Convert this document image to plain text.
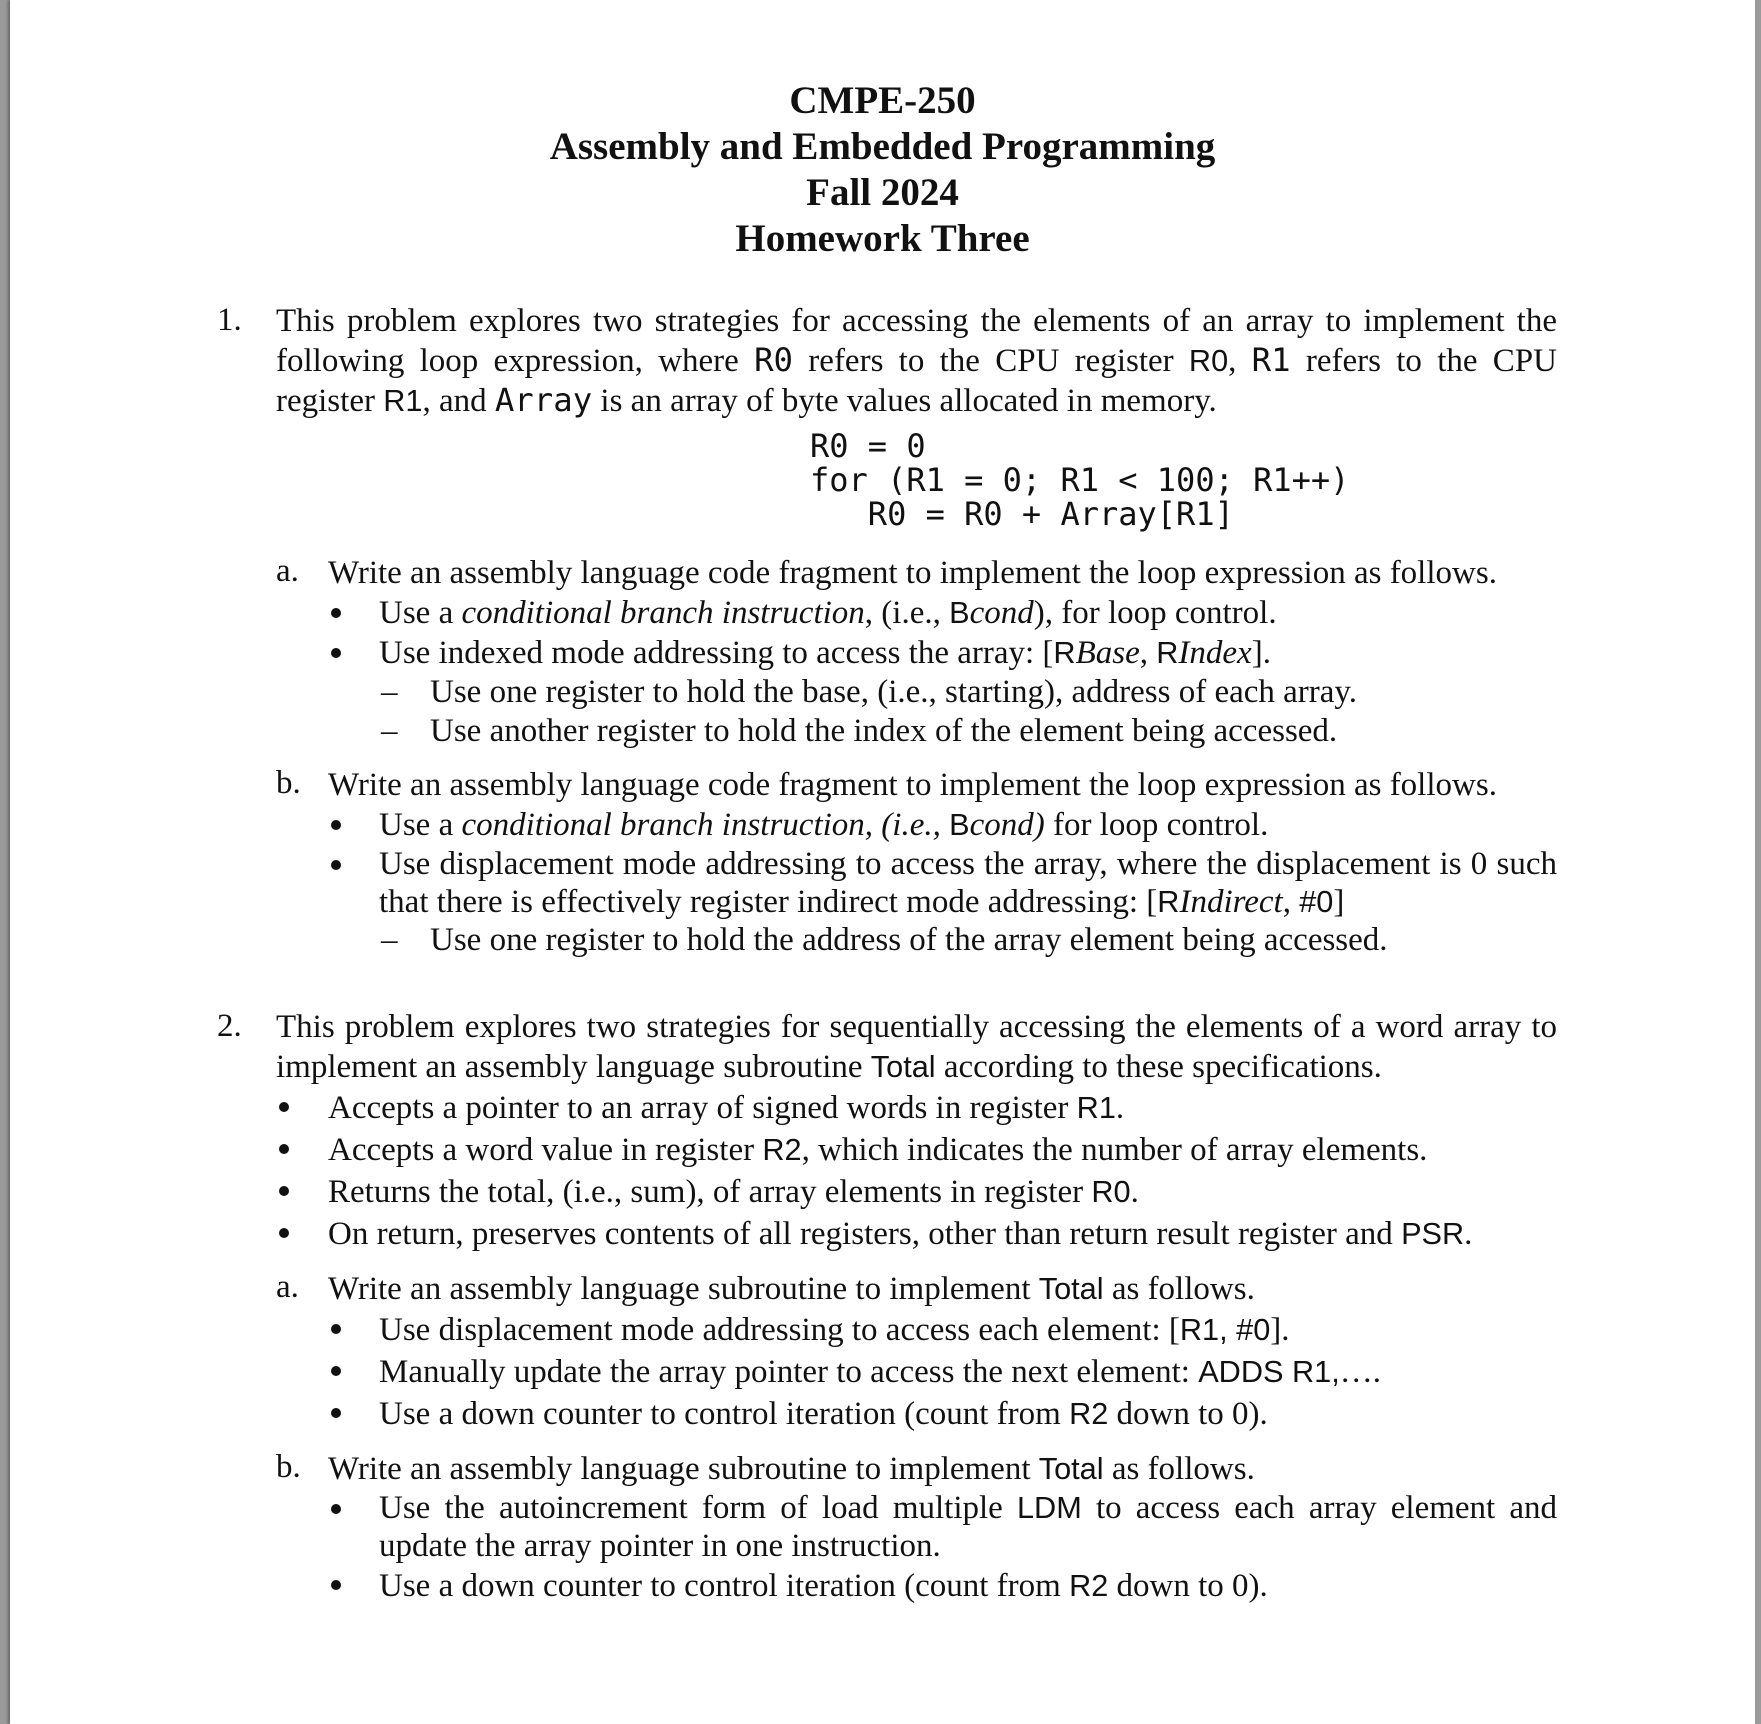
CMPE-250
Assembly and Embedded Programming
Fall 2024
Homework Three
1. This problem explores two strategies for accessing the elements of an array to implement the following loop expression, where R0 refers to the CPU register R0, R1 refers to the CPU register R1, and Array is an array of byte values allocated in memory.
R0 = 0
for (R1 = 0; R1 < 100; R1++)
R0 = R0 + Array[R1]
a. Write an assembly language code fragment to implement the loop expression as follows.
Use a conditional branch instruction, (i.e., Bcond), for loop control.
Use indexed mode addressing to access the array: [RBase, RIndex].
– Use one register to hold the base, (i.e., starting), address of each array.
– Use another register to hold the index of the element being accessed.
b. Write an assembly language code fragment to implement the loop expression as follows.
Use a conditional branch instruction, (i.e., Bcond) for loop control.
Use displacement mode addressing to access the array, where the displacement is 0 such that there is effectively register indirect mode addressing: [RIndirect, #0]
– Use one register to hold the address of the array element being accessed.
2. This problem explores two strategies for sequentially accessing the elements of a word array to implement an assembly language subroutine Total according to these specifications.
Accepts a pointer to an array of signed words in register R1.
Accepts a word value in register R2, which indicates the number of array elements.
Returns the total, (i.e., sum), of array elements in register R0.
On return, preserves contents of all registers, other than return result register and PSR.
a. Write an assembly language subroutine to implement Total as follows.
Use displacement mode addressing to access each element: [R1, #0].
Manually update the array pointer to access the next element: ADDS R1,….
Use a down counter to control iteration (count from R2 down to 0).
b. Write an assembly language subroutine to implement Total as follows.
Use the autoincrement form of load multiple LDM to access each array element and update the array pointer in one instruction.
Use a down counter to control iteration (count from R2 down to 0).
